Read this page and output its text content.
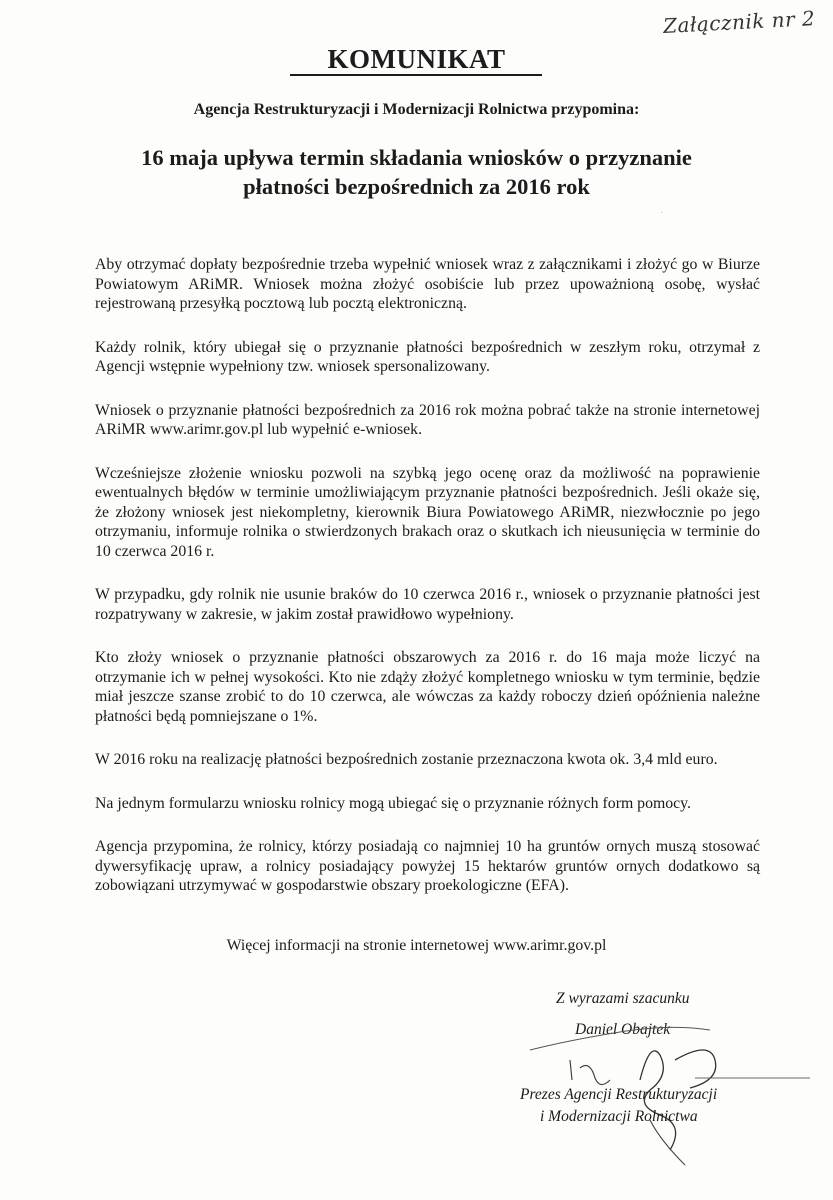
Załącznik nr 2
KOMUNIKAT
Agencja Restrukturyzacji i Modernizacji Rolnictwa przypomina:
16 maja upływa termin składania wniosków o przyznanie płatności bezpośrednich za 2016 rok
·

Aby otrzymać dopłaty bezpośrednie trzeba wypełnić wniosek wraz z załącznikami i złożyć go w Biurze Powiatowym ARiMR. Wniosek można złożyć osobiście lub przez upoważnioną osobę, wysłać rejestrowaną przesyłką pocztową lub pocztą elektroniczną.

Każdy rolnik, który ubiegał się o przyznanie płatności bezpośrednich w zeszłym roku, otrzymał z Agencji wstępnie wypełniony tzw. wniosek spersonalizowany.

Wniosek o przyznanie płatności bezpośrednich za 2016 rok można pobrać także na stronie internetowej ARiMR www.arimr.gov.pl lub wypełnić e-wniosek.

Wcześniejsze złożenie wniosku pozwoli na szybką jego ocenę oraz da możliwość na poprawienie ewentualnych błędów w terminie umożliwiającym przyznanie płatności bezpośrednich. Jeśli okaże się, że złożony wniosek jest niekompletny, kierownik Biura Powiatowego ARiMR, niezwłocznie po jego otrzymaniu, informuje rolnika o stwierdzonych brakach oraz o skutkach ich nieusunięcia w terminie do 10 czerwca 2016 r.

W przypadku, gdy rolnik nie usunie braków do 10 czerwca 2016 r., wniosek o przyznanie płatności jest rozpatrywany w zakresie, w jakim został prawidłowo wypełniony.

Kto złoży wniosek o przyznanie płatności obszarowych za 2016 r. do 16 maja może liczyć na otrzymanie ich w pełnej wysokości. Kto nie zdąży złożyć kompletnego wniosku w tym terminie, będzie miał jeszcze szanse zrobić to do 10 czerwca, ale wówczas za każdy roboczy dzień opóźnienia należne płatności będą pomniejszane o 1%.

W 2016 roku na realizację płatności bezpośrednich zostanie przeznaczona kwota ok. 3,4 mld euro.

Na jednym formularzu wniosku rolnicy mogą ubiegać się o przyznanie różnych form pomocy.

Agencja przypomina, że rolnicy, którzy posiadają co najmniej 10 ha gruntów ornych muszą stosować dywersyfikację upraw, a rolnicy posiadający powyżej 15 hektarów gruntów ornych dodatkowo są zobowiązani utrzymywać w gospodarstwie obszary proekologiczne (EFA).

Więcej informacji na stronie internetowej www.arimr.gov.pl
Z wyrazami szacunku
Daniel Obajtek
Prezes Agencji Restrukturyzacji
i Modernizacji Rolnictwa
